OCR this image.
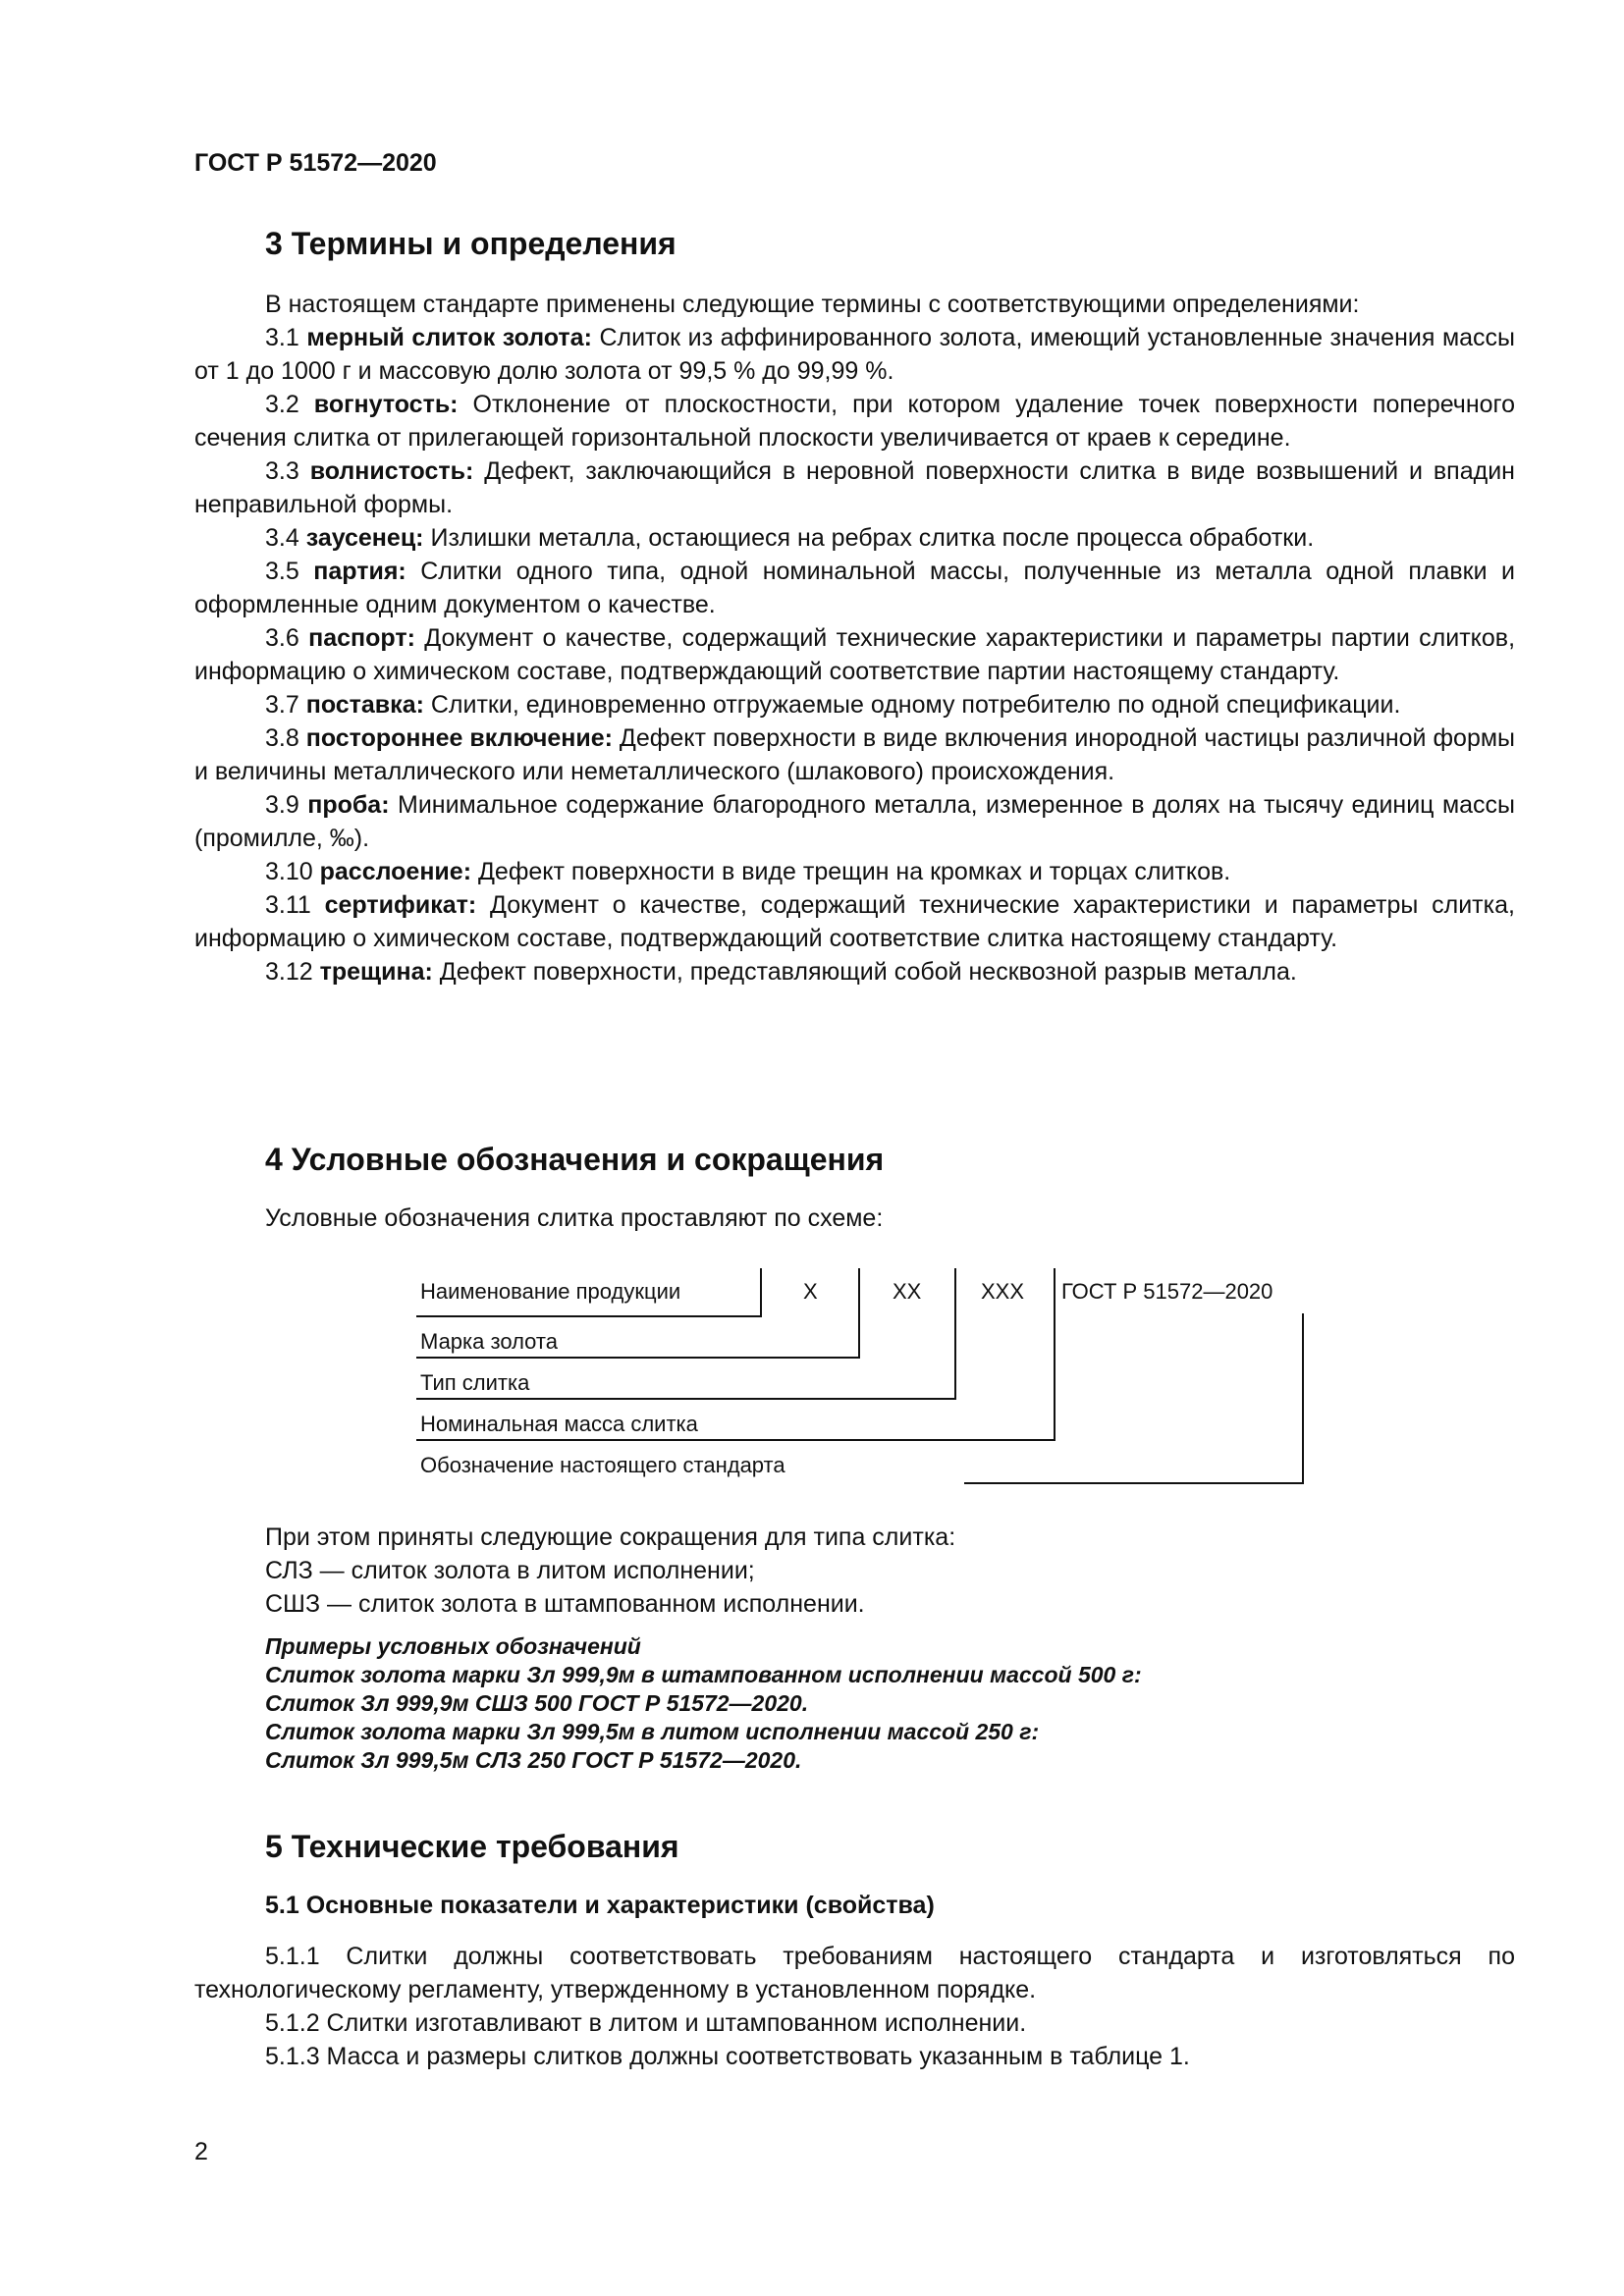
ГОСТ Р 51572—2020
3 Термины и определения

В настоящем стандарте применены следующие термины с соответствующими определениями:

3.1 мерный слиток золота: Слиток из аффинированного золота, имеющий установленные значения массы от 1 до 1000 г и массовую долю золота от 99,5 % до 99,99 %.

3.2 вогнутость: Отклонение от плоскостности, при котором удаление точек поверхности поперечного сечения слитка от прилегающей горизонтальной плоскости увеличивается от краев к середине.

3.3 волнистость: Дефект, заключающийся в неровной поверхности слитка в виде возвышений и впадин неправильной формы.

3.4 заусенец: Излишки металла, остающиеся на ребрах слитка после процесса обработки.

3.5 партия: Слитки одного типа, одной номинальной массы, полученные из металла одной плавки и оформленные одним документом о качестве.

3.6 паспорт: Документ о качестве, содержащий технические характеристики и параметры партии слитков, информацию о химическом составе, подтверждающий соответствие партии настоящему стандарту.

3.7 поставка: Слитки, единовременно отгружаемые одному потребителю по одной спецификации.

3.8 постороннее включение: Дефект поверхности в виде включения инородной частицы различной формы и величины металлического или неметаллического (шлакового) происхождения.

3.9 проба: Минимальное содержание благородного металла, измеренное в долях на тысячу единиц массы (промилле, ‰).

3.10 расслоение: Дефект поверхности в виде трещин на кромках и торцах слитков.

3.11 сертификат: Документ о качестве, содержащий технические характеристики и параметры слитка, информацию о химическом составе, подтверждающий соответствие слитка настоящему стандарту.

3.12 трещина: Дефект поверхности, представляющий собой несквозной разрыв металла.

4 Условные обозначения и сокращения
Условные обозначения слитка проставляют по схеме:
Наименование продукции	Х	ХХ	ХХХ ГОСТ Р 51572—2020
Марка золота
Тип слитка
Номинальная масса слитка
Обозначение настоящего стандарта

При этом приняты следующие сокращения для типа слитка:

СЛЗ — слиток золота в литом исполнении;

СШЗ — слиток золота в штампованном исполнении.

Примеры условных обозначений

Слиток золота марки Зл 999,9м в штампованном исполнении массой 500 г:

Слиток Зл 999,9м СШЗ 500 ГОСТ Р 51572—2020.

Слиток золота марки Зл 999,5м в литом исполнении массой 250 г:

Слиток Зл 999,5м СЛЗ 250 ГОСТ Р 51572—2020.

5 Технические требования
5.1 Основные показатели и характеристики (свойства)

5.1.1 Слитки должны соответствовать требованиям настоящего стандарта и изготовляться по технологическому регламенту, утвержденному в установленном порядке.

5.1.2 Слитки изготавливают в литом и штампованном исполнении.

5.1.3 Масса и размеры слитков должны соответствовать указанным в таблице 1.

2
